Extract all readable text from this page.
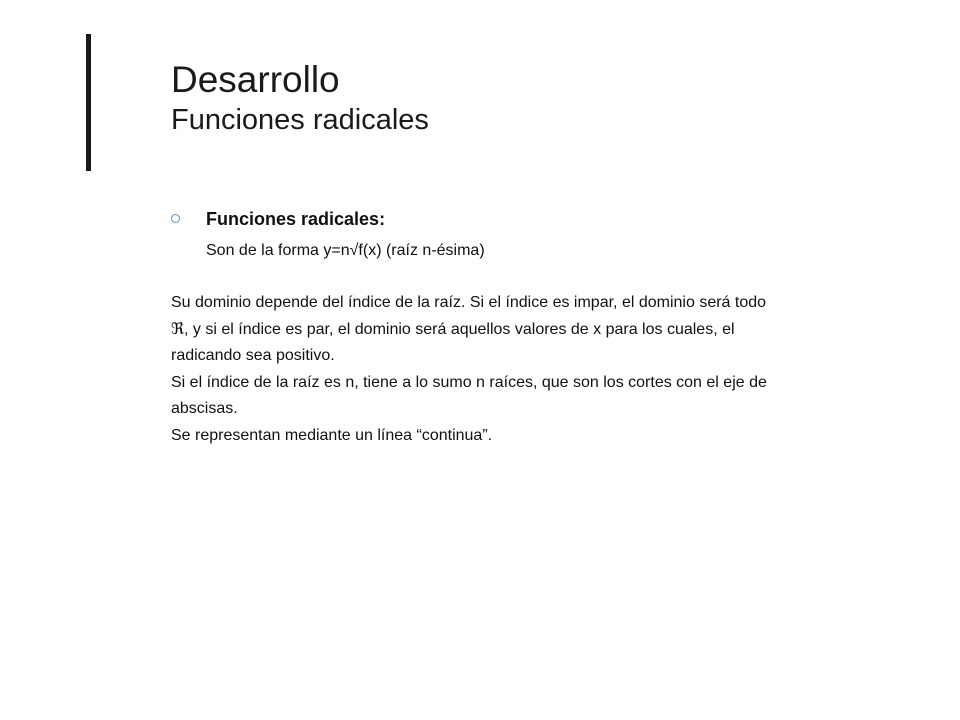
Desarrollo
Funciones radicales
Funciones radicales:
Son de la forma y=n√f(x) (raíz n-ésima)
Su dominio depende del índice de la raíz. Si el índice es impar, el dominio será todo
ℜ, y si el índice es par, el dominio será aquellos valores de x para los cuales, el
radicando sea positivo.
Si el índice de la raíz es n, tiene a lo sumo n raíces, que son los cortes con el eje de
abscisas.
Se representan mediante un línea “continua”.
